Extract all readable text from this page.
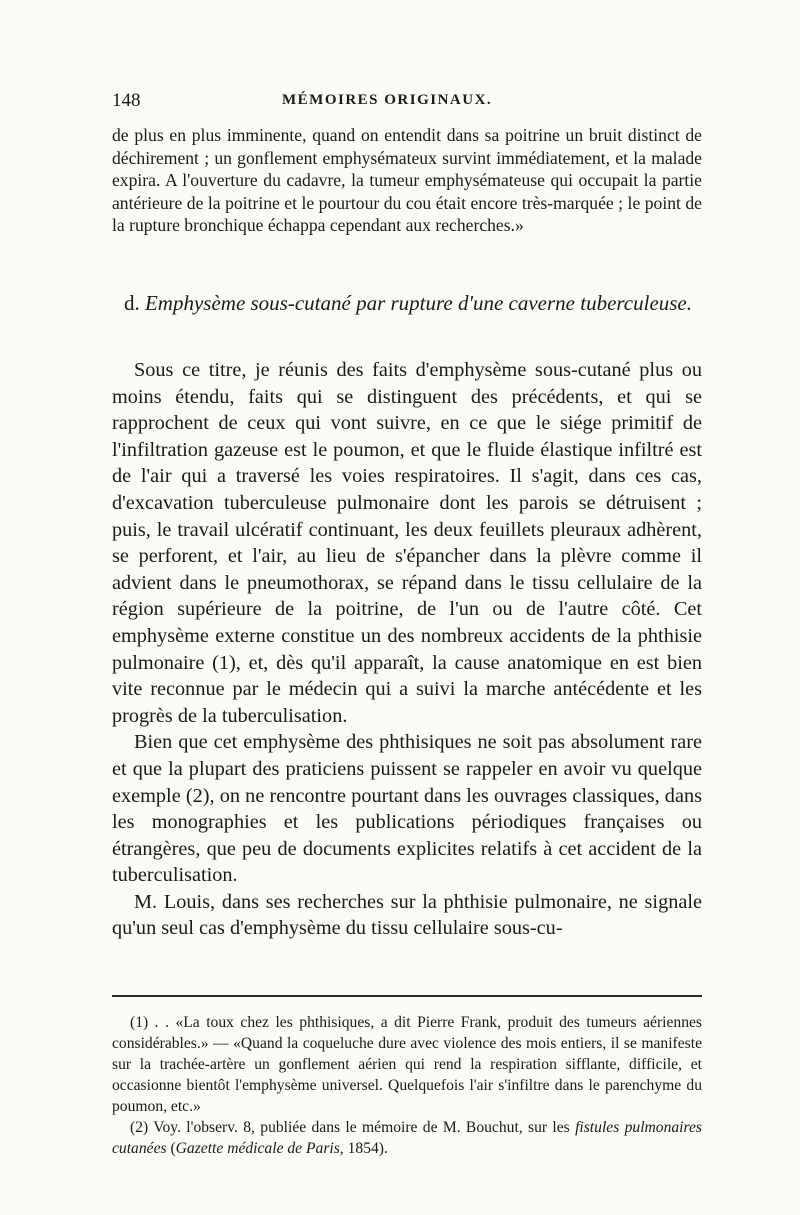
148	MÉMOIRES ORIGINAUX.
de plus en plus imminente, quand on entendit dans sa poitrine un bruit distinct de déchirement ; un gonflement emphysémateux survint immédiatement, et la malade expira. A l'ouverture du cadavre, la tumeur emphysémateuse qui occupait la partie antérieure de la poitrine et le pourtour du cou était encore très-marquée ; le point de la rupture bronchique échappa cependant aux recherches.»
d. Emphysème sous-cutané par rupture d'une caverne tuberculeuse.

Sous ce titre, je réunis des faits d'emphysème sous-cutané plus ou moins étendu, faits qui se distinguent des précédents, et qui se rapprochent de ceux qui vont suivre, en ce que le siége primitif de l'infiltration gazeuse est le poumon, et que le fluide élastique infiltré est de l'air qui a traversé les voies respiratoires. Il s'agit, dans ces cas, d'excavation tuberculeuse pulmonaire dont les parois se détruisent ; puis, le travail ulcératif continuant, les deux feuillets pleuraux adhèrent, se perforent, et l'air, au lieu de s'épancher dans la plèvre comme il advient dans le pneumothorax, se répand dans le tissu cellulaire de la région supérieure de la poitrine, de l'un ou de l'autre côté. Cet emphysème externe constitue un des nombreux accidents de la phthisie pulmonaire (1), et, dès qu'il apparaît, la cause anatomique en est bien vite reconnue par le médecin qui a suivi la marche antécédente et les progrès de la tuberculisation.

Bien que cet emphysème des phthisiques ne soit pas absolument rare et que la plupart des praticiens puissent se rappeler en avoir vu quelque exemple (2), on ne rencontre pourtant dans les ouvrages classiques, dans les monographies et les publications périodiques françaises ou étrangères, que peu de documents explicites relatifs à cet accident de la tuberculisation.

M. Louis, dans ses recherches sur la phthisie pulmonaire, ne signale qu'un seul cas d'emphysème du tissu cellulaire sous-cu-

(1) . . «La toux chez les phthisiques, a dit Pierre Frank, produit des tumeurs aériennes considérables.» — «Quand la coqueluche dure avec violence des mois entiers, il se manifeste sur la trachée-artère un gonflement aérien qui rend la respiration sifflante, difficile, et occasionne bientôt l'emphysème universel. Quelquefois l'air s'infiltre dans le parenchyme du poumon, etc.»

(2) Voy. l'observ. 8, publiée dans le mémoire de M. Bouchut, sur les fistules pulmonaires cutanées (Gazette médicale de Paris, 1854).
